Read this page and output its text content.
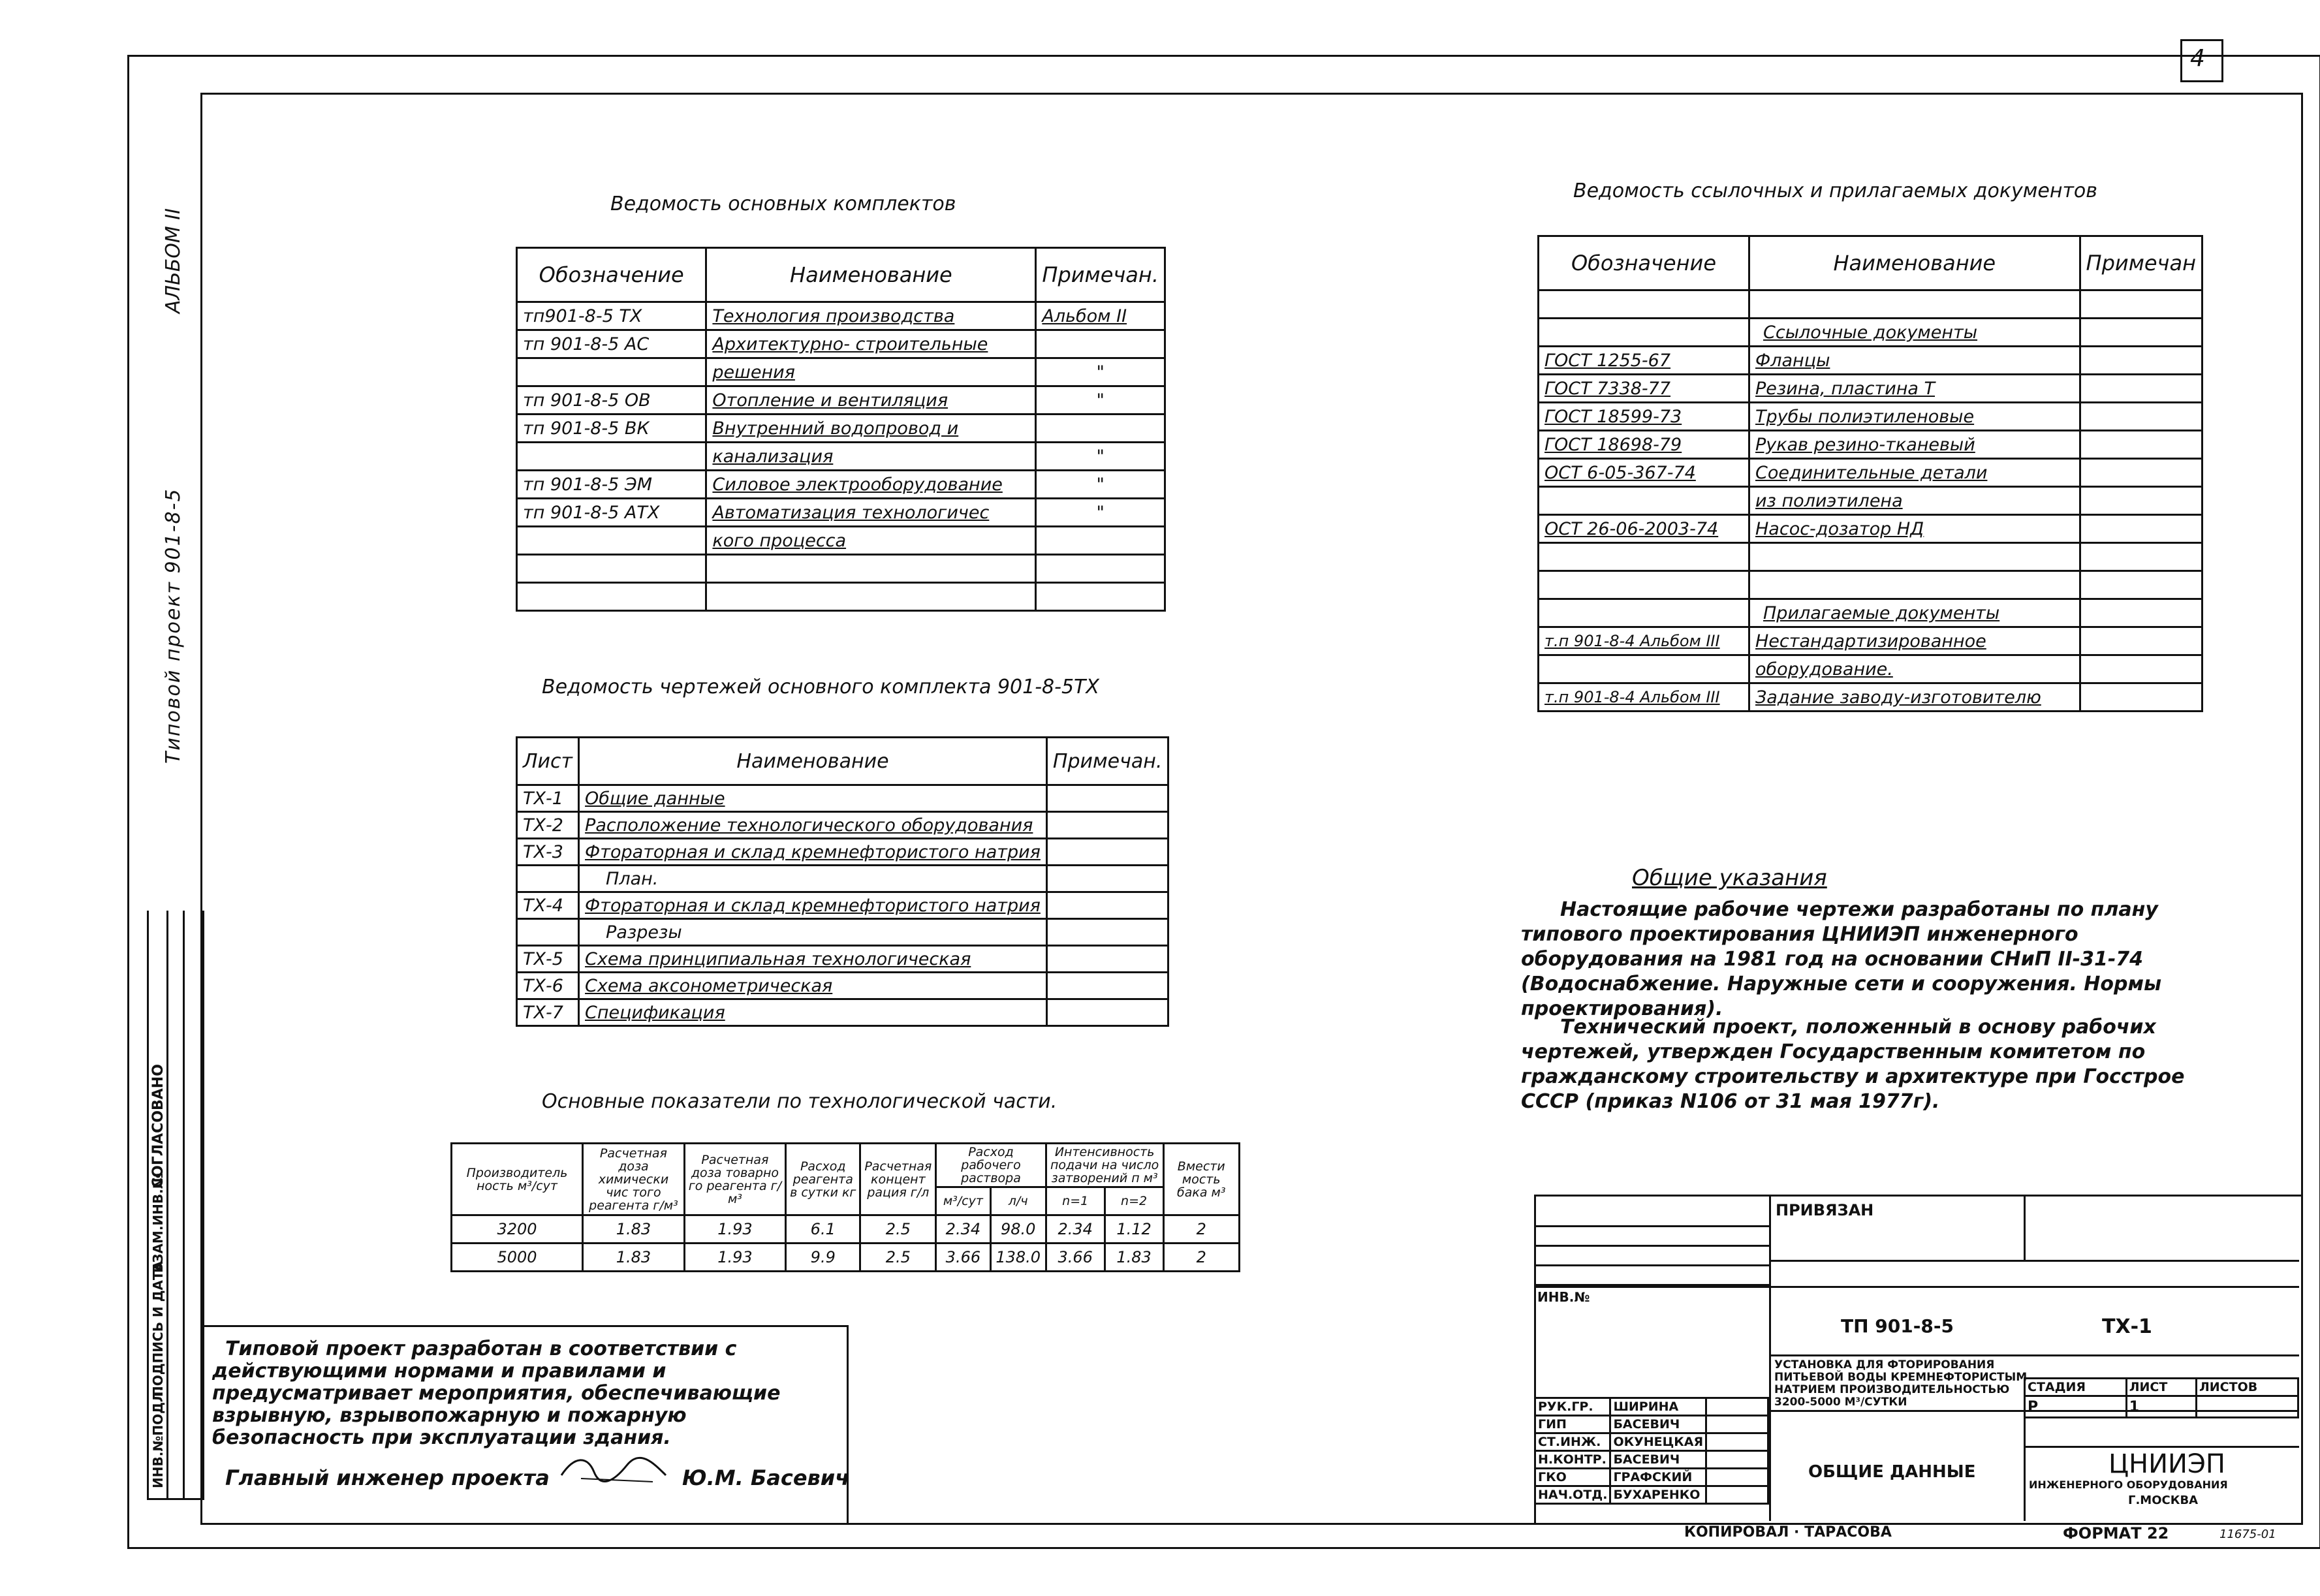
4
АЛЬБОМ II
Типовой проект 901-8-5
СОГЛАСОВАНО
ИНВ.№ПОДЛ.
ПОДПИСЬ И ДАТА
ВЗАМ.ИНВ.№
Ведомость основных комплектов
Обозначение	Наименование	Примечан.
тп901-8-5 ТХ	Технология производства	Альбом II
тп 901-8-5 АС	Архитектурно- строительные	
	решения	"
тп 901-8-5 ОВ	Отопление и вентиляция	"
тп 901-8-5 ВК	Внутренний водопровод и	
	канализация	"
тп 901-8-5 ЭМ	Силовое электрооборудование	"
тп 901-8-5 АТХ	Автоматизация технологичес	"
	кого процесса	

Ведомость чертежей основного комплекта 901-8-5ТХ
Лист	Наименование	Примечан.
ТХ-1	Общие данные	
ТХ-2	Расположение технологического оборудования	
ТХ-3	Фтораторная и склад кремнефтористого натрия	
	План.	
ТХ-4	Фтораторная и склад кремнефтористого натрия	
	Разрезы	
ТХ-5	Схема принципиальная технологическая	
ТХ-6	Схема аксонометрическая	
ТХ-7	Спецификация	
Основные показатели по технологической части.
Производитель ность м³/сут	Расчетная доза химически чис того реагента г/м³	Расчетная доза товарно го реагента г/м³	Расход реагента в сутки кг	Расчетная концент рация г/л	Расход рабочего раствора		Интенсивность подачи на число затворений п м³		Вмести мость бака м³
					м³/сут	л/ч	n=1	n=2	
3200	1.83	1.93	6.1	2.5	2.34	98.0	2.34	1.12	2
5000	1.83	1.93	9.9	2.5	3.66	138.0	3.66	1.83	2
Ведомость ссылочных и прилагаемых документов
Обозначение	Наименование	Примечан

	Ссылочные документы	
ГОСТ 1255-67	Фланцы	
ГОСТ 7338-77	Резина, пластина Т	
ГОСТ 18599-73	Трубы полиэтиленовые	
ГОСТ 18698-79	Рукав резино-тканевый	
ОСТ 6-05-367-74	Соединительные детали	
	из полиэтилена	
ОСТ 26-06-2003-74	Насос-дозатор НД	

	Прилагаемые документы	
т.п 901-8-4 Альбом III	Нестандартизированное	
	оборудование.	
т.п 901-8-4 Альбом III	Задание заводу-изготовителю	
Общие указания
Настоящие рабочие чертежи разработаны по плану типового проектирования ЦНИИЭП инженерного оборудования на 1981 год на основании СНиП II-31-74 (Водоснабжение. Наружные сети и сооружения. Нормы проектирования).
Технический проект, положенный в основу рабочих чертежей, утвержден Государственным комитетом по гражданскому строительству и архитектуре при Госстрое СССР (приказ N106 от 31 мая 1977г).
Типовой проект разработан в соответствии с действующими нормами и правилами и предусматривает мероприятия, обеспечивающие взрывную, взрывопожарную и пожарную безопасность при эксплуатации здания.
Главный инженер проекта	Ю.М. Басевич
ПРИВЯЗАН
ИНВ.№
ТП 901-8-5	ТХ-1
УСТАНОВКА ДЛЯ ФТОРИРОВАНИЯ ПИТЬЕВОЙ ВОДЫ КРЕМНЕФТОРИСТЫМ НАТРИЕМ ПРОИЗВОДИТЕЛЬНОСТЬЮ 3200-5000 М³/СУТКИ
СТАДИЯ	ЛИСТ	ЛИСТОВ
Р	1	
РУК.ГР.	ШИРИНА	
ГИП	БАСЕВИЧ	
СТ.ИНЖ.	ОКУНЕЦКАЯ	
Н.КОНТР.	БАСЕВИЧ	
ГКО	ГРАФСКИЙ	
НАЧ.ОТД.	БУХАРЕНКО	
ОБЩИЕ ДАННЫЕ	ЦНИИЭП
ИНЖЕНЕРНОГО ОБОРУДОВАНИЯ
Г.МОСКВА
КОПИРОВАЛ · ТАРАСОВА	ФОРМАТ 22	11675-01
